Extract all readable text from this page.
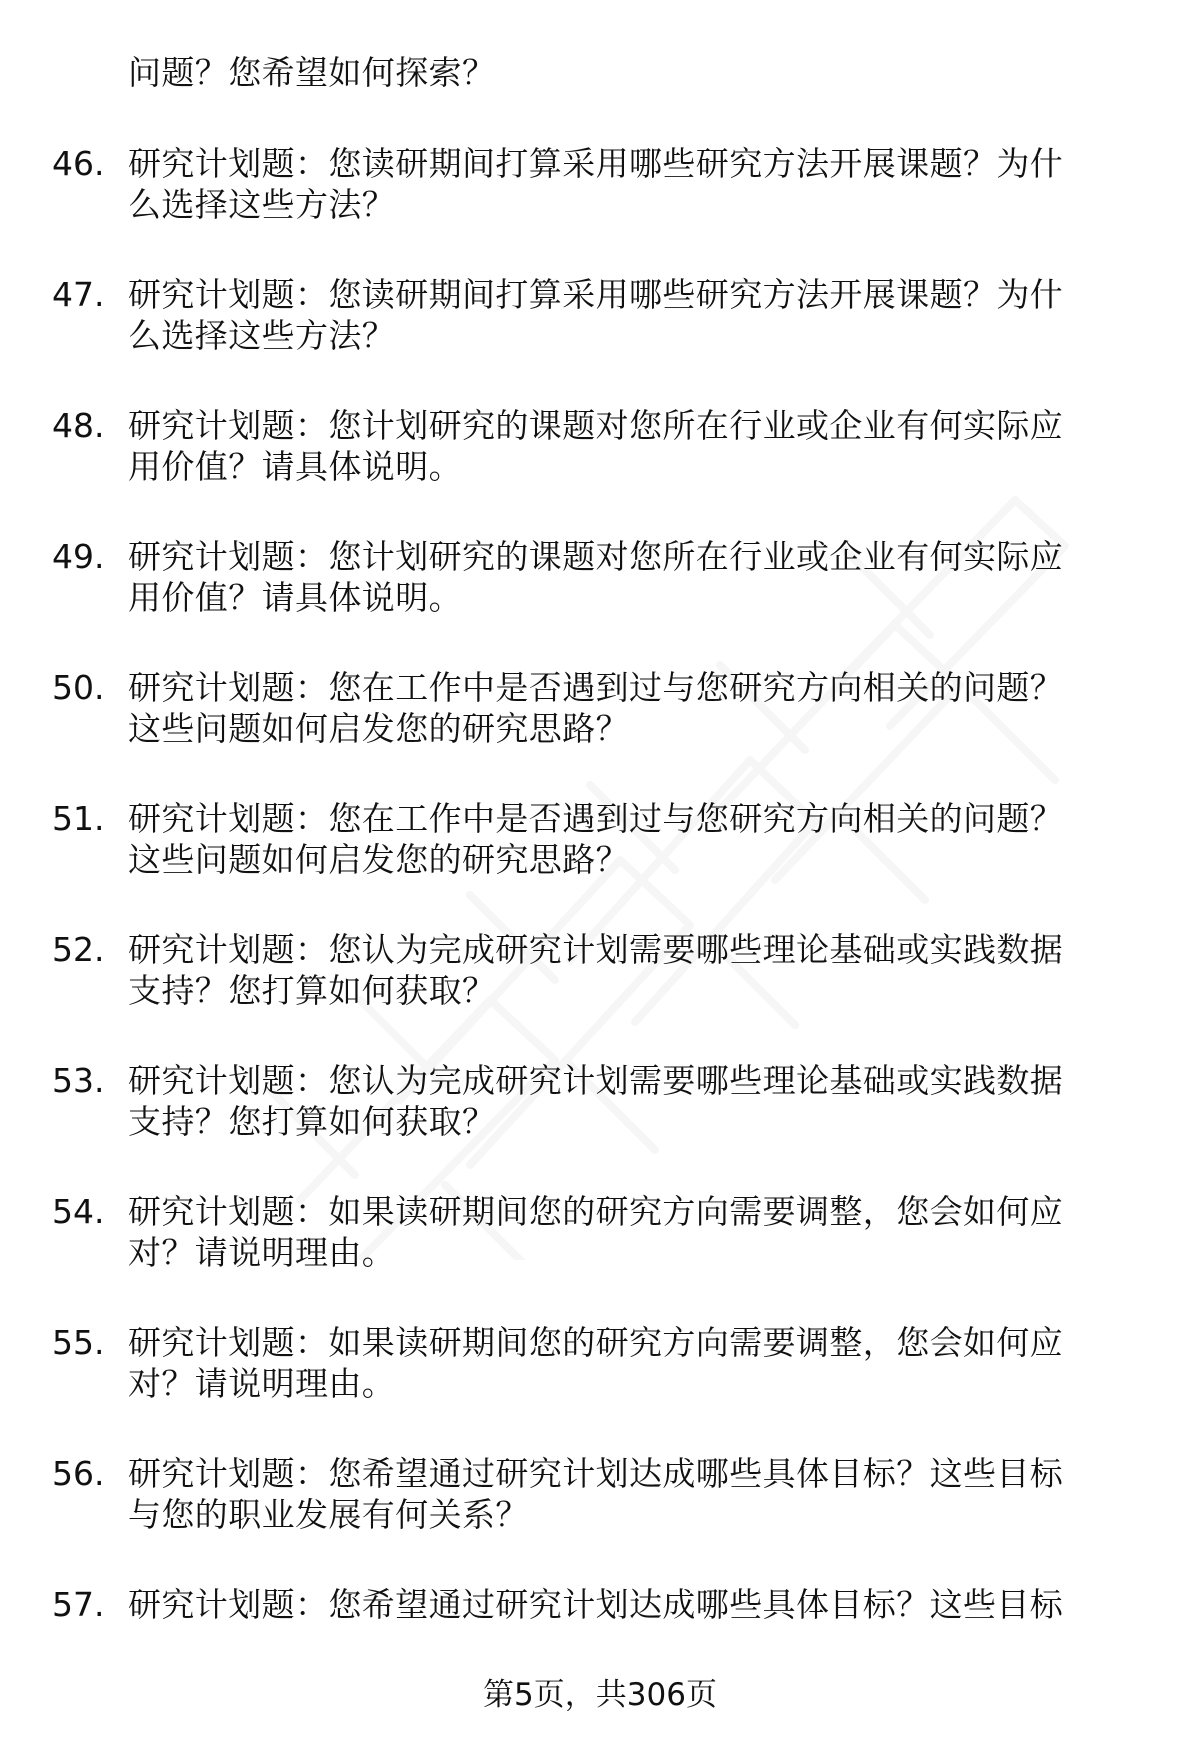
问题？您希望如何探索？
46. 研究计划题：您读研期间打算采用哪些研究方法开展课题？为什
么选择这些方法？
47. 研究计划题：您读研期间打算采用哪些研究方法开展课题？为什
么选择这些方法？
48. 研究计划题：您计划研究的课题对您所在行业或企业有何实际应
用价值？请具体说明。
49. 研究计划题：您计划研究的课题对您所在行业或企业有何实际应
用价值？请具体说明。
50. 研究计划题：您在工作中是否遇到过与您研究方向相关的问题？
这些问题如何启发您的研究思路？
51. 研究计划题：您在工作中是否遇到过与您研究方向相关的问题？
这些问题如何启发您的研究思路？
52. 研究计划题：您认为完成研究计划需要哪些理论基础或实践数据
支持？您打算如何获取？
53. 研究计划题：您认为完成研究计划需要哪些理论基础或实践数据
支持？您打算如何获取？
54. 研究计划题：如果读研期间您的研究方向需要调整，您会如何应
对？请说明理由。
55. 研究计划题：如果读研期间您的研究方向需要调整，您会如何应
对？请说明理由。
56. 研究计划题：您希望通过研究计划达成哪些具体目标？这些目标
与您的职业发展有何关系？
57. 研究计划题：您希望通过研究计划达成哪些具体目标？这些目标
第5页，共306页
